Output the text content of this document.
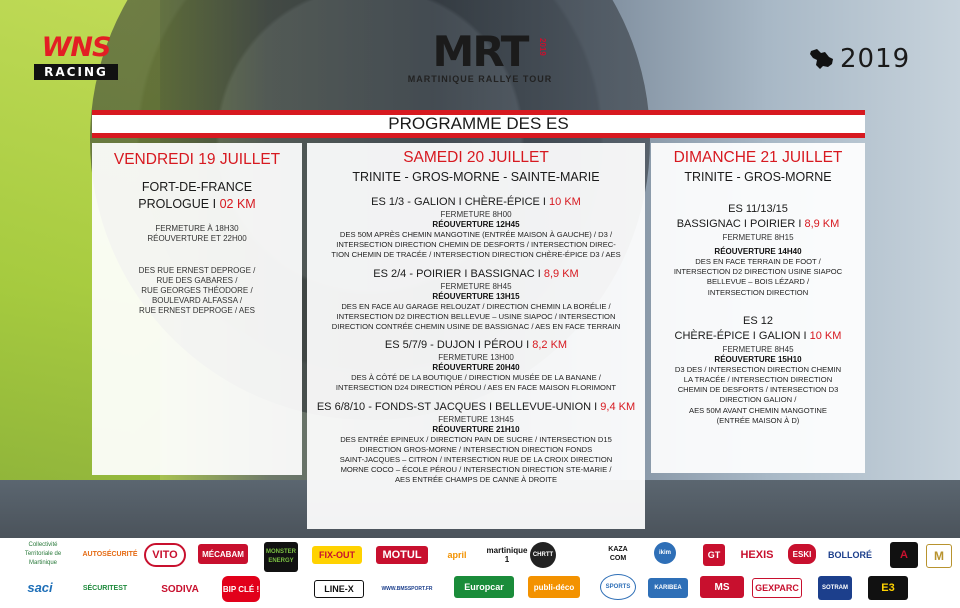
WNS
RACING	MRT	2019
MARTINIQUE RALLYE TOUR
2019
PROGRAMME DES ES
VENDREDI 19 JUILLET
FORT-DE-FRANCE
PROLOGUE I 02 KM
FERMETURE À 18H30
RÉOUVERTURE ET 22H00
DES RUE ERNEST DEPROGE /
RUE DES GABARES /
RUE GEORGES THÉODORE /
BOULEVARD ALFASSA /
RUE ERNEST DEPROGE / AES
SAMEDI 20 JUILLET
TRINITE - GROS-MORNE - SAINTE-MARIE
ES 1/3 - GALION I CHÈRE-ÉPICE I 10 KM
FERMETURE 8H00
RÉOUVERTURE 12H45
DES 50M APRÈS CHEMIN MANGOTINE (ENTRÉE MAISON À GAUCHE) / D3 /
INTERSECTION DIRECTION CHEMIN DE DESFORTS / INTERSECTION DIREC-
TION CHEMIN DE TRACÉE / INTERSECTION DIRECTION CHÈRE-ÉPICE D3 / AES
ES 2/4 - POIRIER I BASSIGNAC I 8,9 KM
FERMETURE 8H45
RÉOUVERTURE 13H15
DES EN FACE AU GARAGE RELOUZAT / DIRECTION CHEMIN LA BORÉLIE /
INTERSECTION D2 DIRECTION BELLEVUE – USINE SIAPOC / INTERSECTION
DIRECTION CONTRÉE CHEMIN USINE DE BASSIGNAC / AES EN FACE TERRAIN
ES 5/7/9 - DUJON I PÉROU I 8,2 KM
FERMETURE 13H00
RÉOUVERTURE 20H40
DES À CÔTÉ DE LA BOUTIQUE / DIRECTION MUSÉE DE LA BANANE /
INTERSECTION D24 DIRECTION PÉROU / AES EN FACE MAISON FLORIMONT
ES 6/8/10 - FONDS-ST JACQUES I BELLEVUE-UNION I 9,4 KM
FERMETURE 13H45
RÉOUVERTURE 21H10
DES ENTRÉE EPINEUX / DIRECTION PAIN DE SUCRE / INTERSECTION D15
DIRECTION GROS-MORNE / INTERSECTION DIRECTION FONDS
SAINT-JACQUES – CITRON / INTERSECTION RUE DE LA CROIX DIRECTION
MORNE COCO – ÉCOLE PÉROU / INTERSECTION DIRECTION STE-MARIE /
AES ENTRÉE CHAMPS DE CANNE À DROITE
DIMANCHE 21 JUILLET
TRINITE - GROS-MORNE
ES 11/13/15
BASSIGNAC I POIRIER I 8,9 KM
FERMETURE 8H15
RÉOUVERTURE 14H40
DES EN FACE TERRAIN DE FOOT /
INTERSECTION D2 DIRECTION USINE SIAPOC
BELLEVUE – BOIS LÉZARD /
INTERSECTION DIRECTION
ES 12
CHÈRE-ÉPICE I GALION I 10 KM
FERMETURE 8H45
RÉOUVERTURE 15H10
D3 DES / INTERSECTION DIRECTION CHEMIN
LA TRACÉE / INTERSECTION DIRECTION
CHEMIN DE DESFORTS / INTERSECTION D3
DIRECTION GALION /
AES 50M AVANT CHEMIN MANGOTINE
(ENTRÉE MAISON À D)
Collectivité Territoriale de Martinique
AUTOSÉCURITÉ	VITO	MÉCABAM	MONSTER ENERGY
FIX-OUT	MOTUL	april	martinique 1
CHRTT
KAZA COM
ikim	GT	HEXIS	ESKI	BOLLORÉ	A	M
saci	SÉCURITEST	SODIVA	BIP CLÉ !	LINE-X	WWW.BMSSPORT.FR	Europcar	publi-déco	SPORTS	KARIBEA	MS	GEXPARC	SOTRAM	E3
